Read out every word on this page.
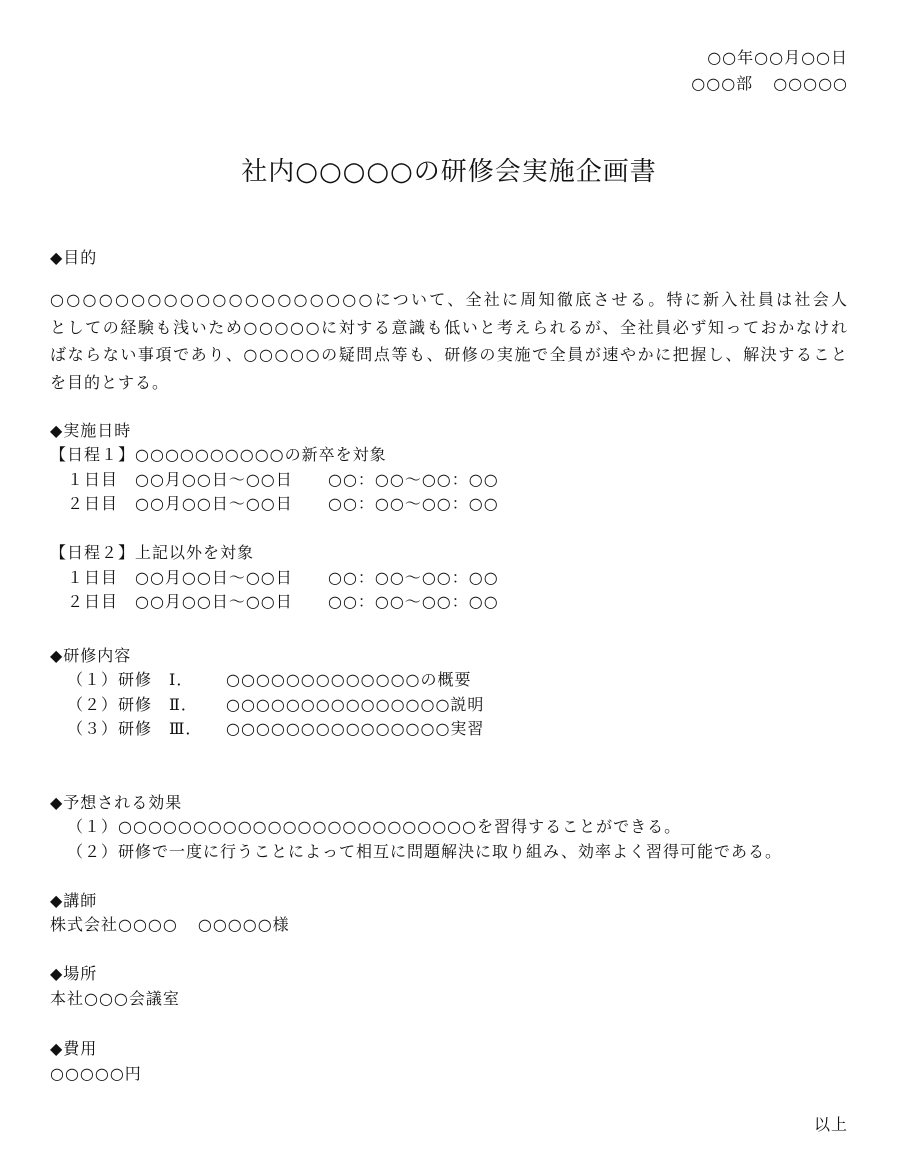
○○年○○月○○日
○○○部 ○○○○○
社内○○○○○の研修会実施企画書
◆目的
○○○○○○○○○○○○○○○○○○○○について、全社に周知徹底させる。特に新入社員は社会人
としての経験も浅いため○○○○○に対する意識も低いと考えられるが、全社員必ず知っておかなけれ
ばならない事項であり、○○○○○の疑問点等も、研修の実施で全員が速やかに把握し、解決すること
を目的とする。
◆実施日時
【日程１】○○○○○○○○○○の新卒を対象
１日目 ○○月○○日～○○日 ○○：○○～○○：○○
２日目 ○○月○○日～○○日 ○○：○○～○○：○○
【日程２】上記以外を対象
１日目 ○○月○○日～○○日 ○○：○○～○○：○○
２日目 ○○月○○日～○○日 ○○：○○～○○：○○
◆研修内容
（１）研修 Ⅰ． ○○○○○○○○○○○○○の概要
（２）研修 Ⅱ． ○○○○○○○○○○○○○○○説明
（３）研修 Ⅲ． ○○○○○○○○○○○○○○○実習
◆予想される効果
（１）○○○○○○○○○○○○○○○○○○○○○○○○を習得することができる。
（２）研修で一度に行うことによって相互に問題解決に取り組み、効率よく習得可能である。
◆講師
株式会社○○○○ ○○○○○様
◆場所
本社○○○会議室
◆費用
○○○○○円
以上
